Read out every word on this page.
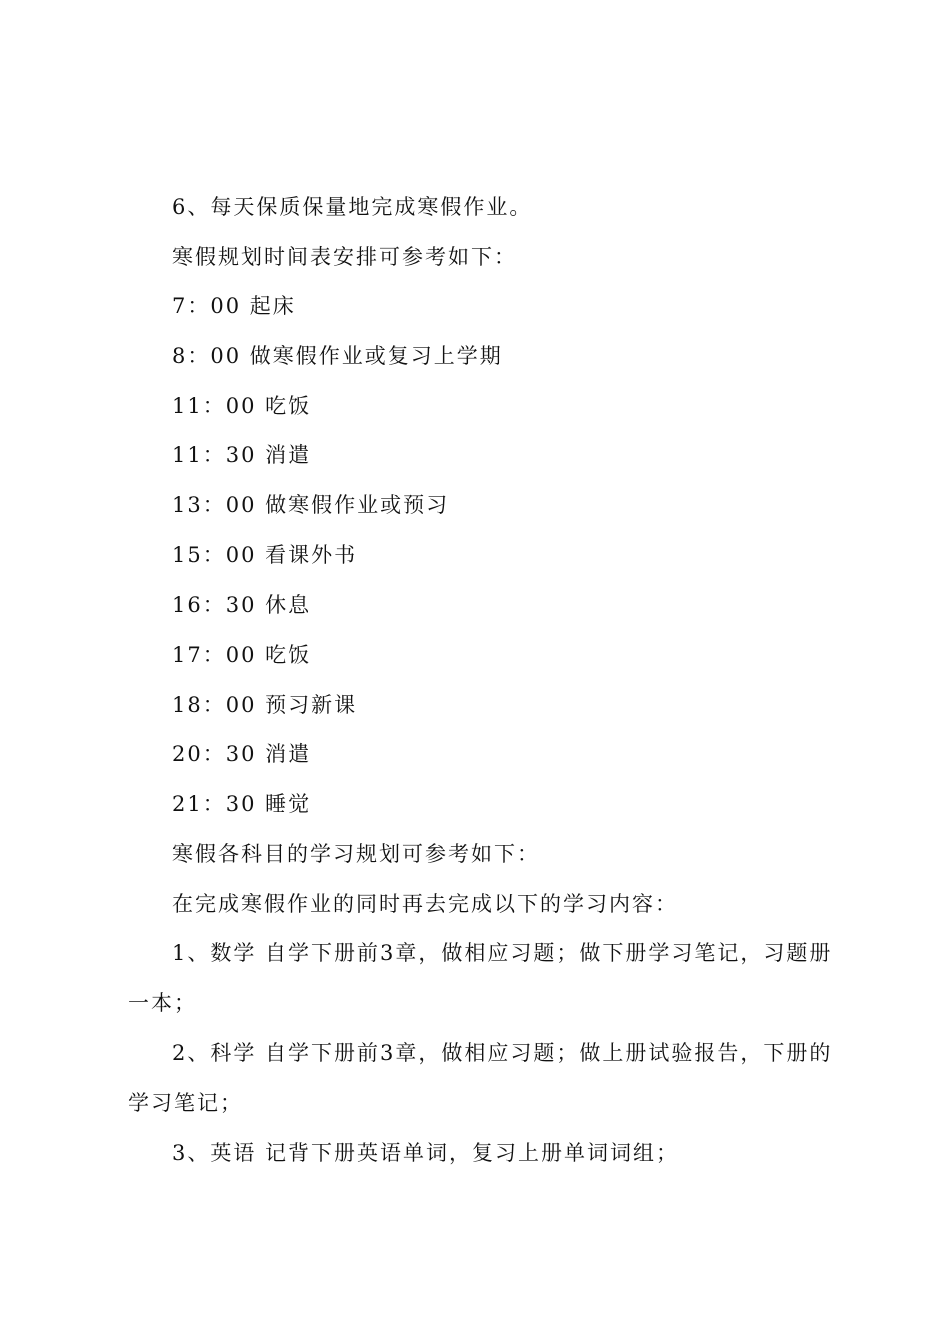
6、每天保质保量地完成寒假作业。

寒假规划时间表安排可参考如下：

7：00 起床

8：00 做寒假作业或复习上学期

11：00 吃饭

11：30 消遣

13：00 做寒假作业或预习

15：00 看课外书

16：30 休息

17：00 吃饭

18：00 预习新课

20：30 消遣

21：30 睡觉

寒假各科目的学习规划可参考如下：

在完成寒假作业的同时再去完成以下的学习内容：

1、数学 自学下册前3章，做相应习题；做下册学习笔记，习题册一本；

2、科学 自学下册前3章，做相应习题；做上册试验报告，下册的学习笔记；

3、英语 记背下册英语单词，复习上册单词词组；
